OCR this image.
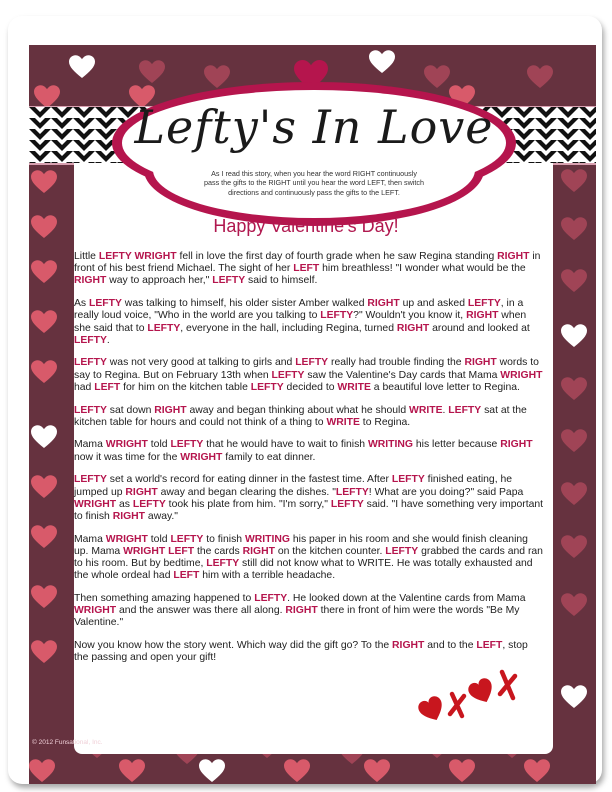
Lefty's In Love
As I read this story, when you hear the word RIGHT continuously pass the gifts to the RIGHT until you hear the word LEFT, then switch directions and continuously pass the gifts to the LEFT.
Happy Valentine's Day!

Little LEFTY WRIGHT fell in love the first day of fourth grade when he saw Regina standing RIGHT in front of his best friend Michael. The sight of her LEFT him breathless! "I wonder what would be the RIGHT way to approach her," LEFTY said to himself.

As LEFTY was talking to himself, his older sister Amber walked RIGHT up and asked LEFTY, in a really loud voice, "Who in the world are you talking to LEFTY?" Wouldn't you know it, RIGHT when she said that to LEFTY, everyone in the hall, including Regina, turned RIGHT around and looked at LEFTY.

LEFTY was not very good at talking to girls and LEFTY really had trouble finding the RIGHT words to say to Regina. But on February 13th when LEFTY saw the Valentine's Day cards that Mama WRIGHT had LEFT for him on the kitchen table LEFTY decided to WRITE a beautiful love letter to Regina.

LEFTY sat down RIGHT away and began thinking about what he should WRITE. LEFTY sat at the kitchen table for hours and could not think of a thing to WRITE to Regina.

Mama WRIGHT told LEFTY that he would have to wait to finish WRITING his letter because RIGHT now it was time for the WRIGHT family to eat dinner.

LEFTY set a world's record for eating dinner in the fastest time. After LEFTY finished eating, he jumped up RIGHT away and began clearing the dishes. "LEFTY! What are you doing?" said Papa WRIGHT as LEFTY took his plate from him. "I'm sorry," LEFTY said. "I have something very important to finish RIGHT away."

Mama WRIGHT told LEFTY to finish WRITING his paper in his room and she would finish cleaning up. Mama WRIGHT LEFT the cards RIGHT on the kitchen counter. LEFTY grabbed the cards and ran to his room. But by bedtime, LEFTY still did not know what to WRITE. He was totally exhausted and the whole ordeal had LEFT him with a terrible headache.

Then something amazing happened to LEFTY. He looked down at the Valentine cards from Mama WRIGHT and the answer was there all along. RIGHT there in front of him were the words "Be My Valentine."

Now you know how the story went. Which way did the gift go? To the RIGHT and to the LEFT, stop the passing and open your gift!

© 2012 Funsational, Inc.
